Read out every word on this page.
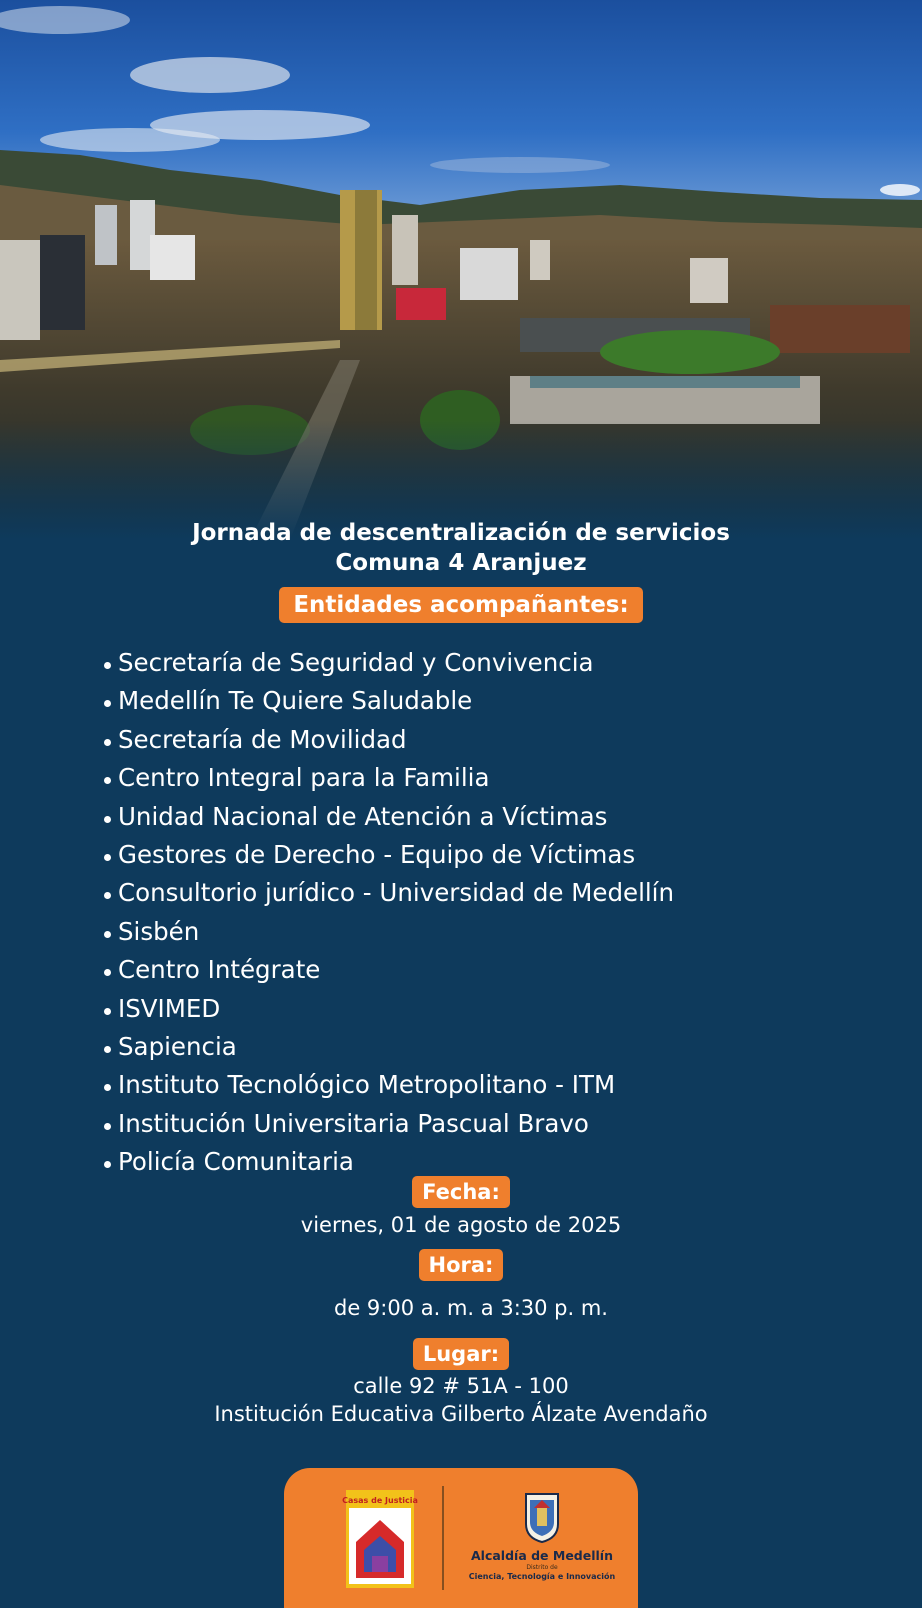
Jornada de descentralización de servicios
Comuna 4 Aranjuez
Entidades acompañantes:
Secretaría de Seguridad y Convivencia
Medellín Te Quiere Saludable
Secretaría de Movilidad
Centro Integral para la Familia
Unidad Nacional de Atención a Víctimas
Gestores de Derecho - Equipo de Víctimas
Consultorio jurídico - Universidad de Medellín
Sisbén
Centro Intégrate
ISVIMED
Sapiencia
Instituto Tecnológico Metropolitano - ITM
Institución Universitaria Pascual Bravo
Policía Comunitaria
Fecha:
viernes, 01 de agosto de 2025
Hora:
de 9:00 a. m. a 3:30 p. m.
Lugar:
calle 92 # 51A - 100
Institución Educativa Gilberto Álzate Avendaño
Casas de Justicia
Alcaldía de Medellín
Distrito de
Ciencia, Tecnología e Innovación
